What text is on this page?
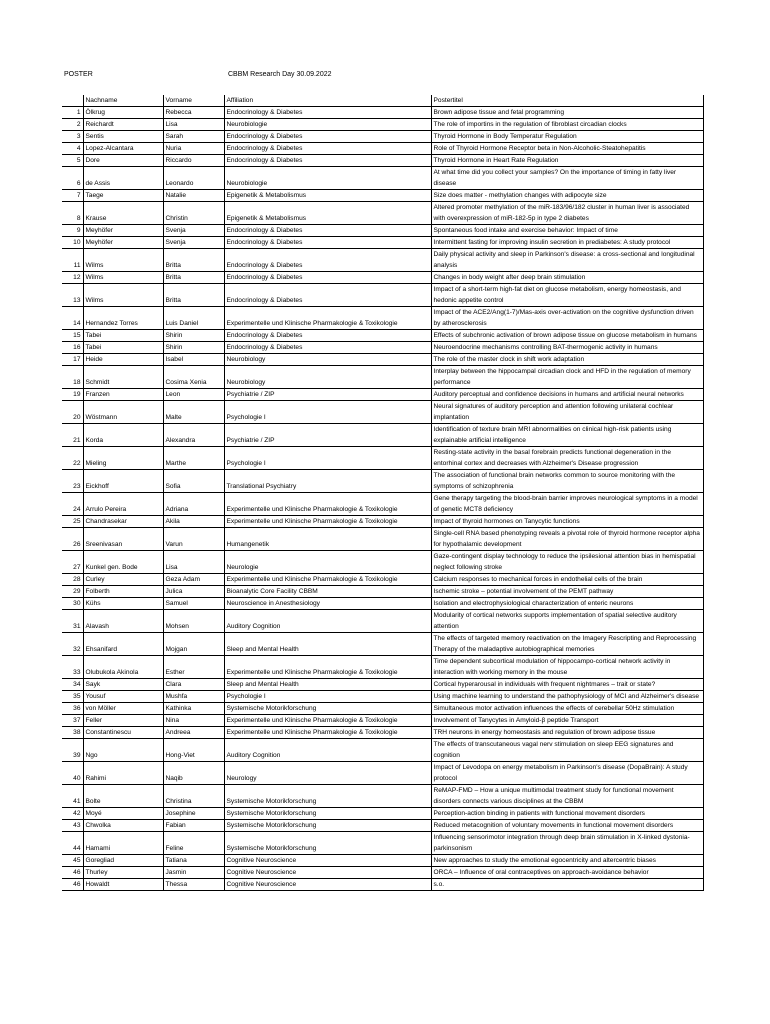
POSTER	CBBM Research Day 30.09.2022
	Nachname	Vorname	Affiliation	Postertitel
1	Ölkrug	Rebecca	Endocrinology & Diabetes	Brown adipose tissue and fetal programming
2	Reichardt	Lisa	Neurobiologie	The role of importins in the regulation of fibroblast circadian clocks
3	Sentis	Sarah	Endocrinology & Diabetes	Thyroid Hormone in Body Temperatur Regulation
4	Lopez-Alcantara	Nuria	Endocrinology & Diabetes	Role of Thyroid Hormone Receptor beta in Non-Alcoholic-Steatohepatitis
5	Dore	Riccardo	Endocrinology & Diabetes	Thyroid Hormone in Heart Rate Regulation
6	de Assis	Leonardo	Neurobiologie	At what time did you collect your samples? On the importance of timing in fatty liver disease
7	Taege	Natalie	Epigenetik & Metabolismus	Size does matter - methylation changes with adipocyte size
8	Krause	Christin	Epigenetik & Metabolismus	Altered promoter methylation of the miR-183/96/182 cluster in human liver is associated with overexpression of miR-182-5p in type 2 diabetes
9	Meyhöfer	Svenja	Endocrinology & Diabetes	Spontaneous food intake and exercise behavior: Impact of time
10	Meyhöfer	Svenja	Endocrinology & Diabetes	Intermittent fasting for improving insulin secretion in prediabetes: A study protocol
11	Wilms	Britta	Endocrinology & Diabetes	Daily physical activity and sleep in Parkinson's disease: a cross-sectional and longitudinal analysis
12	Wilms	Britta	Endocrinology & Diabetes	Changes in body weight after deep brain stimulation
13	Wilms	Britta	Endocrinology & Diabetes	Impact of a short-term high-fat diet on glucose metabolism, energy homeostasis, and hedonic appetite control
14	Hernandez Torres	Luis Daniel	Experimentelle und Klinische Pharmakologie & Toxikologie	Impact of the ACE2/Ang(1-7)/Mas-axis over-activation on the cognitive dysfunction driven by atherosclerosis
15	Tabei	Shirin	Endocrinology & Diabetes	Effects of subchronic activation of brown adipose tissue on glucose metabolism in humans
16	Tabei	Shirin	Endocrinology & Diabetes	Neuroendocrine mechanisms controlling BAT-thermogenic activity in humans
17	Heide	Isabel	Neurobiology	The role of the master clock in shift work adaptation
18	Schmidt	Cosima Xenia	Neurobiology	Interplay between the hippocampal circadian clock and HFD in the regulation of memory performance
19	Franzen	Leon	Psychiatrie / ZIP	Auditory perceptual and confidence decisions in humans and artificial neural networks
20	Wöstmann	Malte	Psychologie I	Neural signatures of auditory perception and attention following unilateral cochlear implantation
21	Korda	Alexandra	Psychiatrie / ZIP	Identification of texture brain MRI abnormalities on clinical high-risk patients using explainable artificial intelligence
22	Mieling	Marthe	Psychologie I	Resting-state activity in the basal forebrain predicts functional degeneration in the entorhinal cortex and decreases with Alzheimer's Disease progression
23	Eickhoff	Sofia	Translational Psychiatry	The association of functional brain networks common to source monitoring with the symptoms of schizophrenia
24	Arrulo Pereira	Adriana	Experimentelle und Klinische Pharmakologie & Toxikologie	Gene therapy targeting the blood-brain barrier improves neurological symptoms in a model of genetic MCT8 deficiency
25	Chandrasekar	Akila	Experimentelle und Klinische Pharmakologie & Toxikologie	Impact of thyroid hormones on Tanycytic functions
26	Sreenivasan	Varun	Humangenetik	Single-cell RNA based phenotyping reveals a pivotal role of thyroid hormone receptor alpha for hypothalamic development
27	Kunkel gen. Bode	Lisa	Neurologie	Gaze-contingent display technology to reduce the ipsilesional attention bias in hemispatial neglect following stroke
28	Curley	Geza Adam	Experimentelle und Klinische Pharmakologie & Toxikologie	Calcium responses to mechanical forces in endothelial cells of the brain
29	Folberth	Julica	Bioanalytic Core Facility CBBM	Ischemic stroke – potential involvement of the PEMT pathway
30	Kühs	Samuel	Neuroscience in Anesthesiology	Isolation and electrophysiological characterization of enteric neurons
31	Alavash	Mohsen	Auditory Cognition	Modularity of cortical networks supports implementation of spatial selective auditory attention
32	Ehsanifard	Mojgan	Sleep and Mental Health	The effects of targeted memory reactivation on the Imagery Rescripting and Reprocessing Therapy of the maladaptive autobiographical memories
33	Olubukola Akinola	Esther	Experimentelle und Klinische Pharmakologie & Toxikologie	Time dependent subcortical modulation of hippocampo-cortical network activity in interaction with working memory in the mouse
34	Sayk	Clara	Sleep and Mental Health	Cortical hyperarousal in individuals with frequent nightmares – trait or state?
35	Yousuf	Mushfa	Psychologie I	Using machine learning to understand the pathophysiology of MCI and Alzheimer's disease
36	von Möller	Kathinka	Systemische Motorikforschung	Simultaneous motor activation influences the effects of cerebellar 50Hz stimulation
37	Feller	Nina	Experimentelle und Klinische Pharmakologie & Toxikologie	Involvement of Tanycytes in Amyloid-β peptide Transport
38	Constantinescu	Andreea	Experimentelle und Klinische Pharmakologie & Toxikologie	TRH neurons in energy homeostasis and regulation of brown adipose tissue
39	Ngo	Hong-Viet	Auditory Cognition	The effects of transcutaneous vagal nerv stimulation on sleep EEG signatures and cognition
40	Rahimi	Naqib	Neurology	Impact of Levodopa on energy metabolism in Parkinson's disease (DopaBrain): A study protocol
41	Bolte	Christina	Systemische Motorikforschung	ReMAP-FMD – How a unique multimodal treatment study for functional movement disorders connects various disciplines at the CBBM
42	Moyé	Josephine	Systemische Motorikforschung	Perception-action binding in patients with functional movement disorders
43	Chwolka	Fabian	Systemische Motorikforschung	Reduced metacognition of voluntary movements in functional movement disorders
44	Hamami	Feline	Systemische Motorikforschung	Influencing sensorimotor integration through deep brain stimulation in X-linked dystonia-parkinsonism
45	Goregliad	Tatiana	Cognitive Neuroscience	New approaches to study the emotional egocentricity and altercentric biases
46	Thurley	Jasmin	Cognitive Neuroscience	ORCA – Influence of oral contraceptives on approach-avoidance behavior
46	Howaldt	Thessa	Cognitive Neuroscience	s.o.
